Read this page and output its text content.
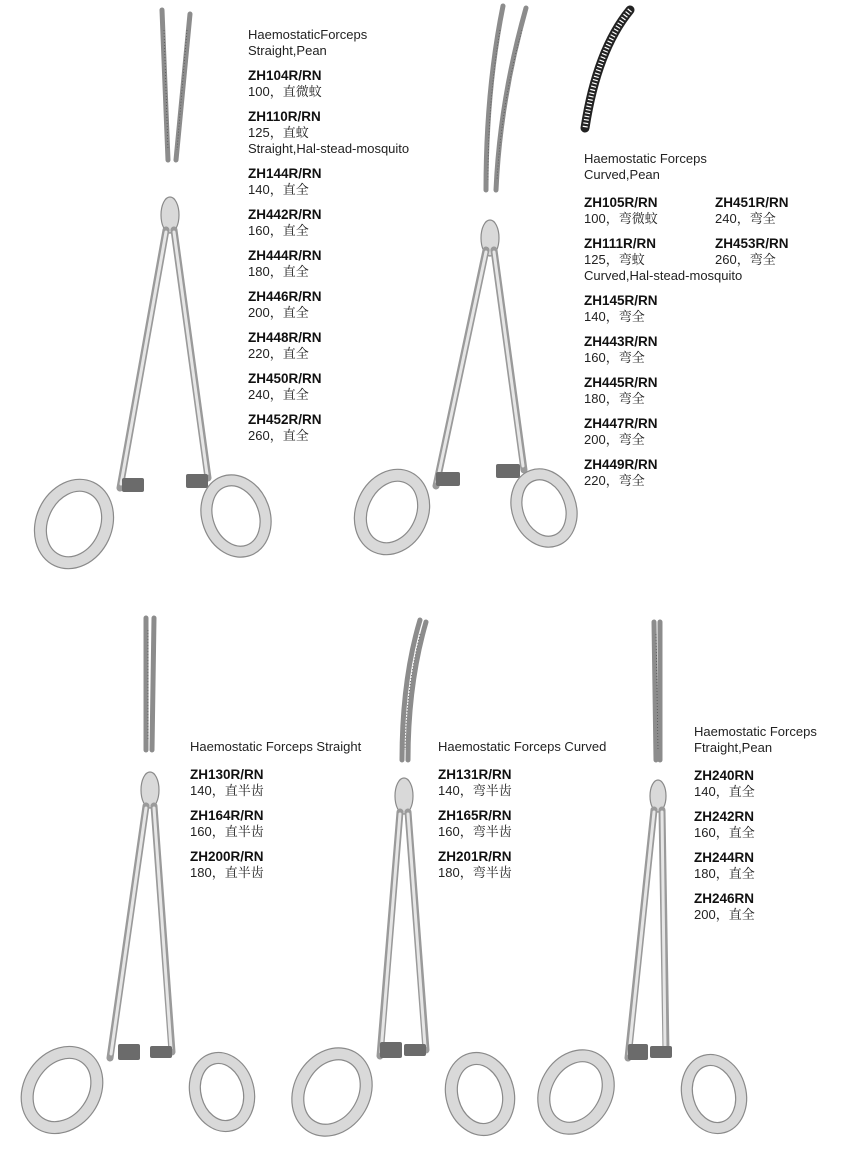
HaemostaticForceps
Straight,Pean
ZH104R/RN
100，直微蚊
ZH110R/RN
125，直蚊
Straight,Hal-stead-mosquito
ZH144R/RN
140，直全
ZH442R/RN
160，直全
ZH444R/RN
180，直全
ZH446R/RN
200，直全
ZH448R/RN
220，直全
ZH450R/RN
240，直全
ZH452R/RN
260，直全
Haemostatic Forceps
Curved,Pean
ZH105R/RN
100，弯微蚊
ZH111R/RN
125，弯蚊
ZH451R/RN
240，弯全
ZH453R/RN
260，弯全
Curved,Hal-stead-mosquito
ZH145R/RN
140，弯全
ZH443R/RN
160，弯全
ZH445R/RN
180，弯全
ZH447R/RN
200，弯全
ZH449R/RN
220，弯全
Haemostatic Forceps Straight
ZH130R/RN
140，直半齿
ZH164R/RN
160，直半齿
ZH200R/RN
180，直半齿
Haemostatic Forceps Curved
ZH131R/RN
140，弯半齿
ZH165R/RN
160，弯半齿
ZH201R/RN
180，弯半齿
Haemostatic Forceps
Ftraight,Pean
ZH240RN
140，直全
ZH242RN
160，直全
ZH244RN
180，直全
ZH246RN
200，直全
